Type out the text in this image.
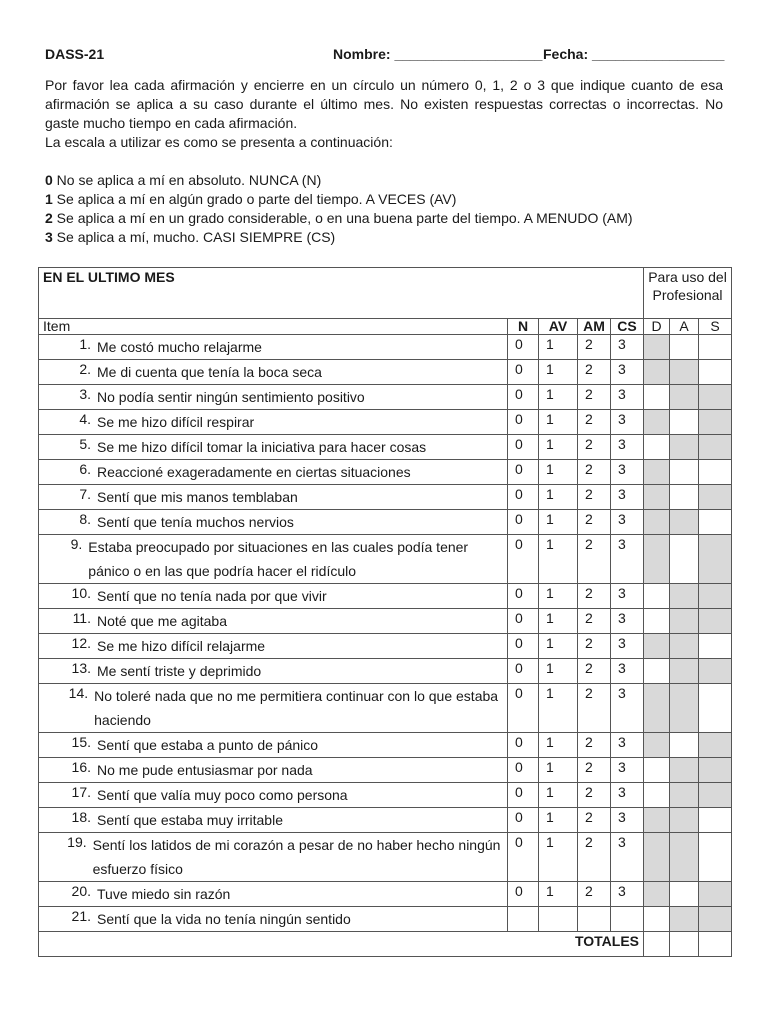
DASS-21	Nombre: ___________________ Fecha: _________________

Por favor lea cada afirmación y encierre en un círculo un número 0, 1, 2 o 3 que indique cuanto de esa afirmación se aplica a su caso durante el último mes. No existen respuestas correctas o incorrectas. No gaste mucho tiempo en cada afirmación.

La escala a utilizar es como se presenta a continuación:

0 No se aplica a mí en absoluto. NUNCA (N)
1 Se aplica a mí en algún grado o parte del tiempo. A VECES (AV)
2 Se aplica a mí en un grado considerable, o en una buena parte del tiempo. A MENUDO (AM)
3 Se aplica a mí, mucho. CASI SIEMPRE (CS)
EN EL ULTIMO MES					Para uso del Profesional		
Item	N	AV	AM	CS	D	A	S

1. Me costó mucho relajarme	0	1	2	3			

2. Me di cuenta que tenía la boca seca	0	1	2	3			

3. No podía sentir ningún sentimiento positivo	0	1	2	3			

4. Se me hizo difícil respirar	0	1	2	3			

5. Se me hizo difícil tomar la iniciativa para hacer cosas	0	1	2	3			

6. Reaccioné exageradamente en ciertas situaciones	0	1	2	3			

7. Sentí que mis manos temblaban	0	1	2	3			

8. Sentí que tenía muchos nervios	0	1	2	3			

9. Estaba preocupado por situaciones en las cuales podía tener pánico o en las que podría hacer el ridículo	0	1	2	3			

10. Sentí que no tenía nada por que vivir	0	1	2	3			

11. Noté que me agitaba	0	1	2	3			

12. Se me hizo difícil relajarme	0	1	2	3			

13. Me sentí triste y deprimido	0	1	2	3			

14. No toleré nada que no me permitiera continuar con lo que estaba haciendo	0	1	2	3			

15. Sentí que estaba a punto de pánico	0	1	2	3			

16. No me pude entusiasmar por nada	0	1	2	3			

17. Sentí que valía muy poco como persona	0	1	2	3			

18. Sentí que estaba muy irritable	0	1	2	3			

19. Sentí los latidos de mi corazón a pesar de no haber hecho ningún esfuerzo físico	0	1	2	3			

20. Tuve miedo sin razón	0	1	2	3			

21. Sentí que la vida no tenía ningún sentido							

TOTALES							
